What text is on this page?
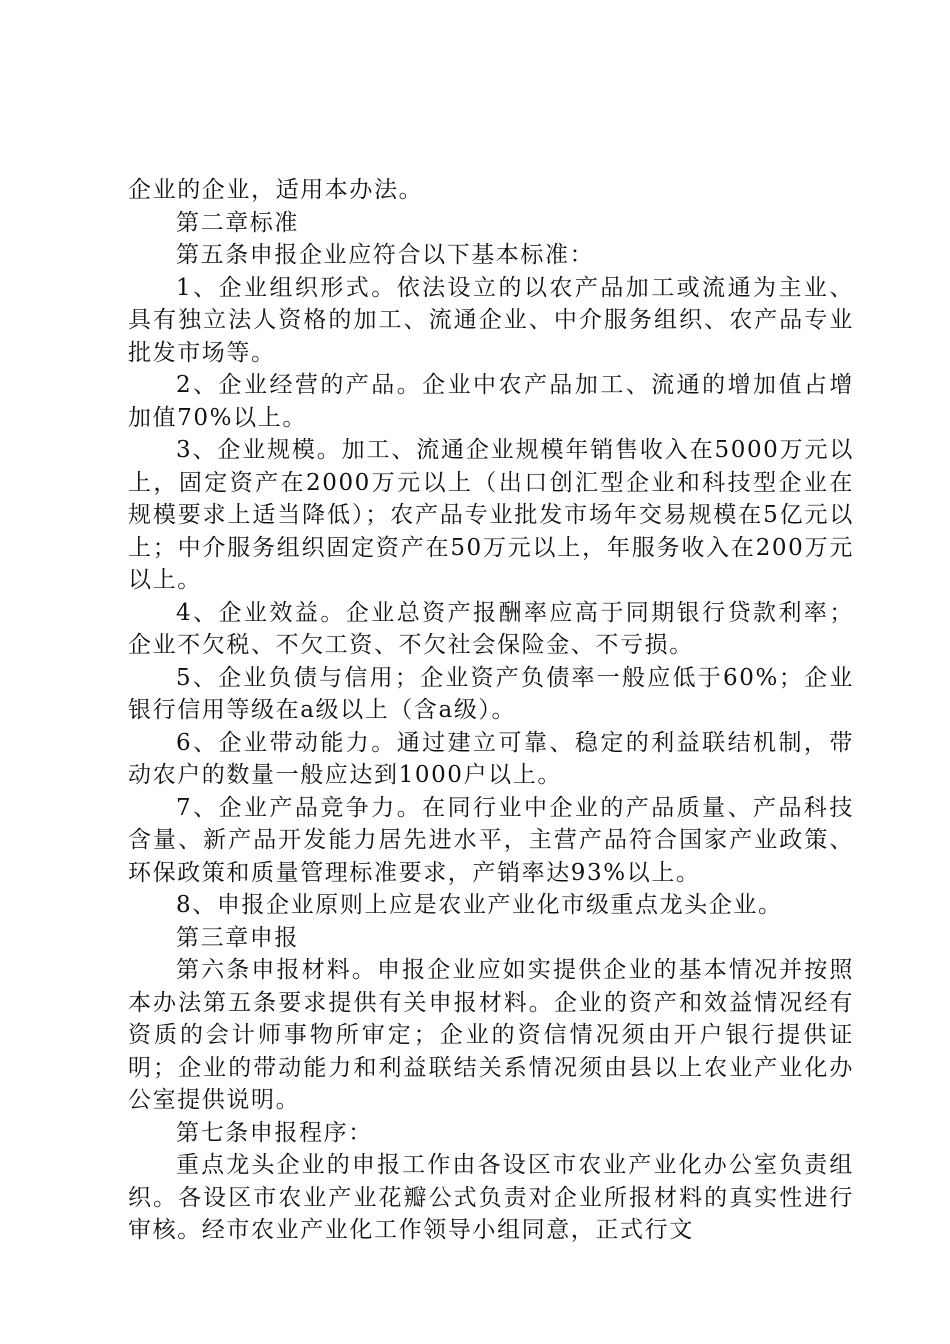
企业的企业，适用本办法。

第二章标准

第五条申报企业应符合以下基本标准：

1、企业组织形式。依法设立的以农产品加工或流通为主业、具有独立法人资格的加工、流通企业、中介服务组织、农产品专业批发市场等。

2、企业经营的产品。企业中农产品加工、流通的增加值占增加值70%以上。

3、企业规模。加工、流通企业规模年销售收入在5000万元以上，固定资产在2000万元以上（出口创汇型企业和科技型企业在规模要求上适当降低）；农产品专业批发市场年交易规模在5亿元以上；中介服务组织固定资产在50万元以上，年服务收入在200万元以上。

4、企业效益。企业总资产报酬率应高于同期银行贷款利率；企业不欠税、不欠工资、不欠社会保险金、不亏损。

5、企业负债与信用；企业资产负债率一般应低于60%；企业银行信用等级在a级以上（含a级）。

6、企业带动能力。通过建立可靠、稳定的利益联结机制，带动农户的数量一般应达到1000户以上。

7、企业产品竞争力。在同行业中企业的产品质量、产品科技含量、新产品开发能力居先进水平，主营产品符合国家产业政策、环保政策和质量管理标准要求，产销率达93%以上。

8、申报企业原则上应是农业产业化市级重点龙头企业。

第三章申报

第六条申报材料。申报企业应如实提供企业的基本情况并按照本办法第五条要求提供有关申报材料。企业的资产和效益情况经有资质的会计师事物所审定；企业的资信情况须由开户银行提供证明；企业的带动能力和利益联结关系情况须由县以上农业产业化办公室提供说明。

第七条申报程序：

重点龙头企业的申报工作由各设区市农业产业化办公室负责组织。各设区市农业产业花瓣公式负责对企业所报材料的真实性进行审核。经市农业产业化工作领导小组同意，正式行文
